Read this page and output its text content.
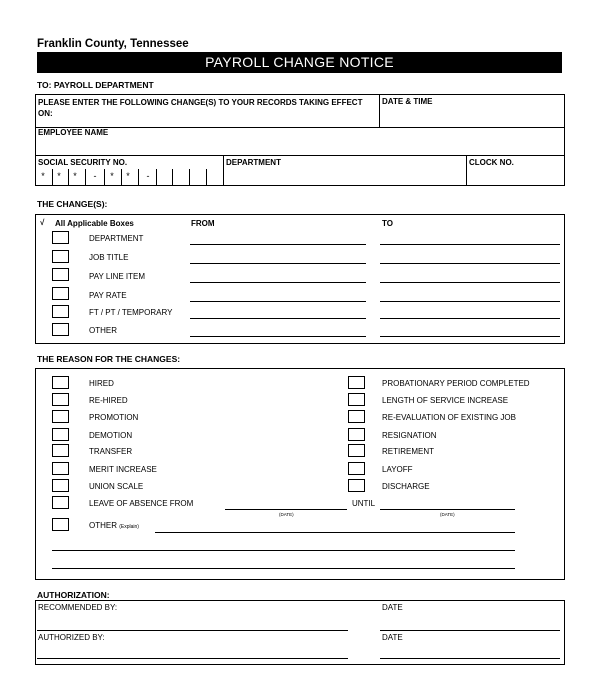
Franklin County, Tennessee
PAYROLL CHANGE NOTICE
TO: PAYROLL DEPARTMENT
PLEASE ENTER THE FOLLOWING CHANGE(S) TO YOUR RECORDS TAKING EFFECT ON:
DATE & TIME
EMPLOYEE NAME
SOCIAL SECURITY NO.
*	*	*	-	*	*	-
DEPARTMENT	CLOCK NO.
THE CHANGE(S):
√ All Applicable Boxes	FROM	TO
DEPARTMENT
JOB TITLE
PAY LINE ITEM
PAY RATE
FT / PT / TEMPORARY
OTHER
THE REASON FOR THE CHANGES:
HIRED
RE-HIRED
PROMOTION
DEMOTION
TRANSFER
MERIT INCREASE
UNION SCALE
PROBATIONARY PERIOD COMPLETED
LENGTH OF SERVICE INCREASE
RE-EVALUATION OF EXISTING JOB
RESIGNATION
RETIREMENT
LAYOFF
DISCHARGE
LEAVE OF ABSENCE FROM
(DATE)
UNTIL
(DATE)
OTHER (Explain)
AUTHORIZATION:
RECOMMENDED BY:	DATE
AUTHORIZED BY:	DATE
